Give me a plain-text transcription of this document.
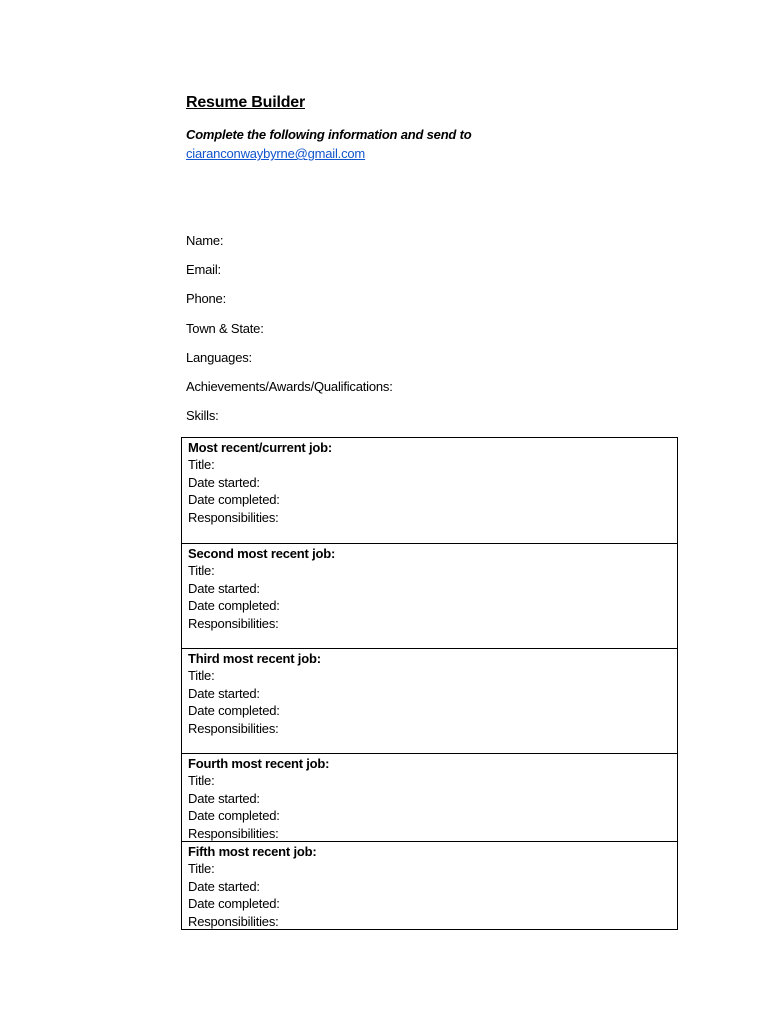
Resume Builder
Complete the following information and send to
ciaranconwaybyrne@gmail.com
Name:
Email:
Phone:
Town & State:
Languages:
Achievements/Awards/Qualifications:
Skills:
Most recent/current job:
Title:
Date started:
Date completed:
Responsibilities:
Second most recent job:
Title:
Date started:
Date completed:
Responsibilities:
Third most recent job:
Title:
Date started:
Date completed:
Responsibilities:
Fourth most recent job:
Title:
Date started:
Date completed:
Responsibilities:
Fifth most recent job:
Title:
Date started:
Date completed:
Responsibilities:
